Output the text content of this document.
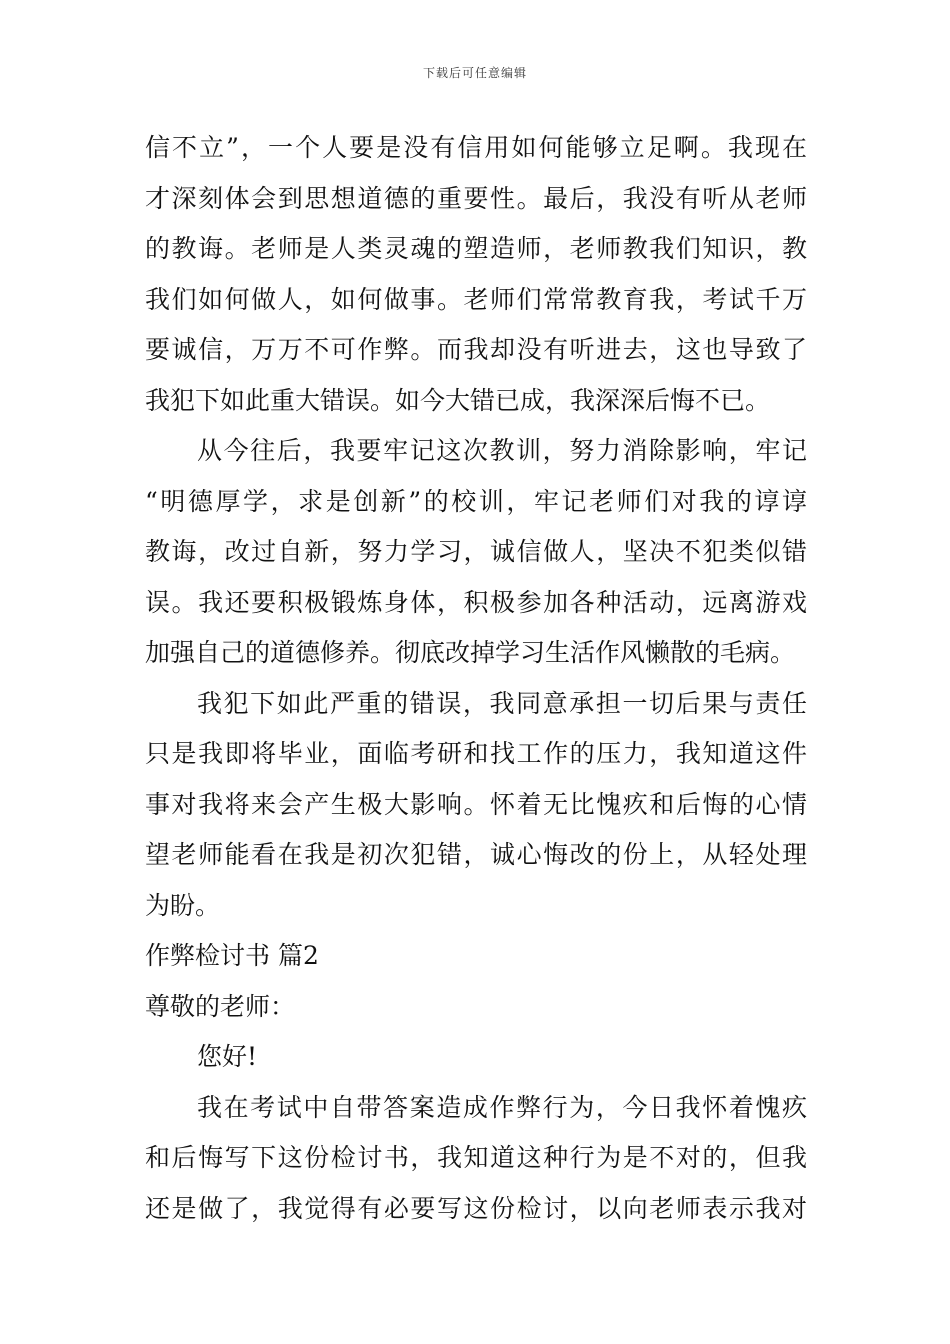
下载后可任意编辑
信不立”，一个人要是没有信用如何能够立足啊。我现在
才深刻体会到思想道德的重要性。最后，我没有听从老师
的教诲。老师是人类灵魂的塑造师，老师教我们知识，教
我们如何做人，如何做事。老师们常常教育我，考试千万
要诚信，万万不可作弊。而我却没有听进去，这也导致了
我犯下如此重大错误。如今大错已成，我深深后悔不已。
从今往后，我要牢记这次教训，努力消除影响，牢记
“明德厚学，求是创新”的校训，牢记老师们对我的谆谆
教诲，改过自新，努力学习，诚信做人，坚决不犯类似错
误。我还要积极锻炼身体，积极参加各种活动，远离游戏
加强自己的道德修养。彻底改掉学习生活作风懒散的毛病。
我犯下如此严重的错误，我同意承担一切后果与责任
只是我即将毕业，面临考研和找工作的压力，我知道这件
事对我将来会产生极大影响。怀着无比愧疚和后悔的心情
望老师能看在我是初次犯错，诚心悔改的份上，从轻处理
为盼。
作弊检讨书 篇2
尊敬的老师：
您好!
我在考试中自带答案造成作弊行为，今日我怀着愧疚
和后悔写下这份检讨书，我知道这种行为是不对的，但我
还是做了，我觉得有必要写这份检讨，以向老师表示我对
